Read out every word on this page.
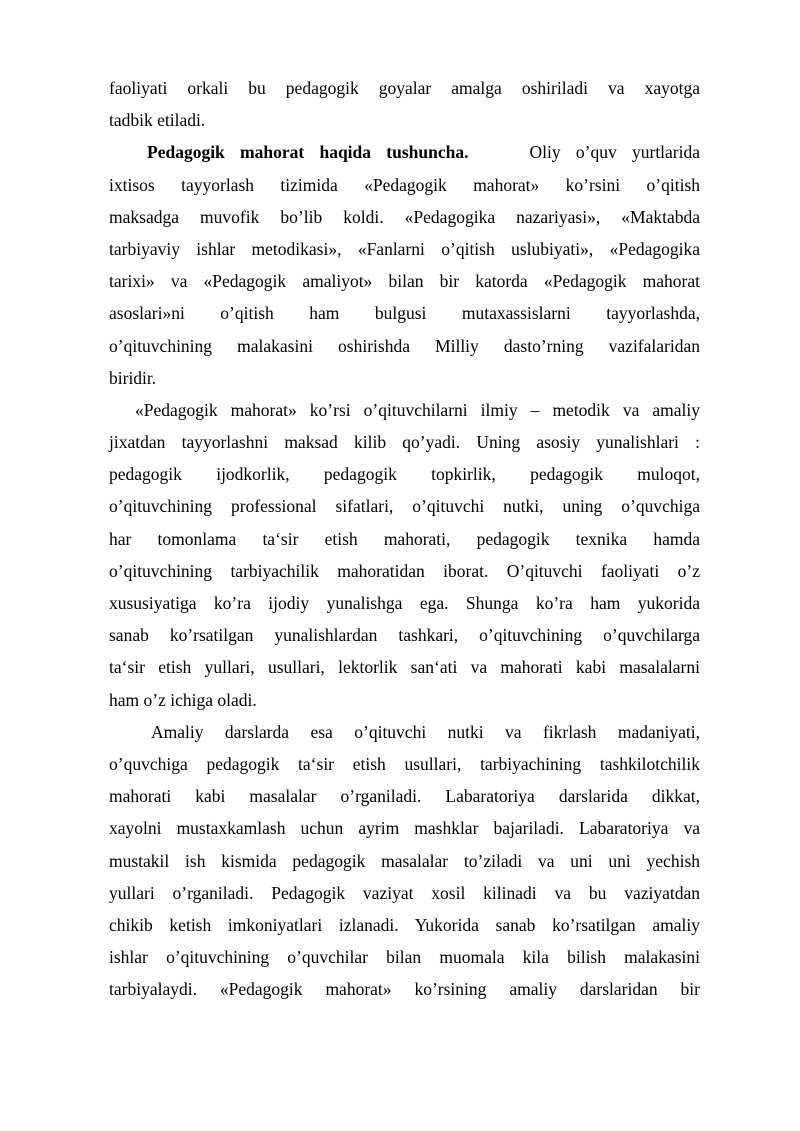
faoliyati orkali bu pedagogik goyalar amalga oshiriladi va xayotga
tadbik etiladi.
Pedagogik mahorat haqida tushuncha.	Oliy o’quv yurtlarida
ixtisos tayyorlash tizimida «Pedagogik mahorat» ko’rsini o’qitish
maksadga muvofik bo’lib koldi. «Pedagogika nazariyasi», «Maktabda
tarbiyaviy ishlar metodikasi», «Fanlarni o’qitish uslubiyati», «Pedagogika
tarixi» va «Pedagogik amaliyot» bilan bir katorda «Pedagogik mahorat
asoslari»ni o’qitish ham bulgusi mutaxassislarni tayyorlashda,
o’qituvchining malakasini oshirishda Milliy dasto’rning vazifalaridan
biridir.
«Pedagogik mahorat» ko’rsi o’qituvchilarni ilmiy – metodik va amaliy
jixatdan tayyorlashni maksad kilib qo’yadi. Uning asosiy yunalishlari :
pedagogik ijodkorlik, pedagogik topkirlik, pedagogik muloqot,
o’qituvchining professional sifatlari, o’qituvchi nutki, uning o’quvchiga
har tomonlama ta‘sir etish mahorati, pedagogik texnika hamda
o’qituvchining tarbiyachilik mahoratidan iborat. O’qituvchi faoliyati o’z
xususiyatiga ko’ra ijodiy yunalishga ega. Shunga ko’ra ham yukorida
sanab ko’rsatilgan yunalishlardan tashkari, o’qituvchining o’quvchilarga
ta‘sir etish yullari, usullari, lektorlik san‘ati va mahorati kabi masalalarni
ham o’z ichiga oladi.
Amaliy darslarda esa o’qituvchi nutki va fikrlash madaniyati,
o’quvchiga pedagogik ta‘sir etish usullari, tarbiyachining tashkilotchilik
mahorati kabi masalalar o’rganiladi. Labaratoriya darslarida dikkat,
xayolni mustaxkamlash uchun ayrim mashklar bajariladi. Labaratoriya va
mustakil ish kismida pedagogik masalalar to’ziladi va uni uni yechish
yullari o’rganiladi. Pedagogik vaziyat xosil kilinadi va bu vaziyatdan
chikib ketish imkoniyatlari izlanadi. Yukorida sanab ko’rsatilgan amaliy
ishlar o’qituvchining o’quvchilar bilan muomala kila bilish malakasini
tarbiyalaydi. «Pedagogik mahorat» ko’rsining amaliy darslaridan bir
